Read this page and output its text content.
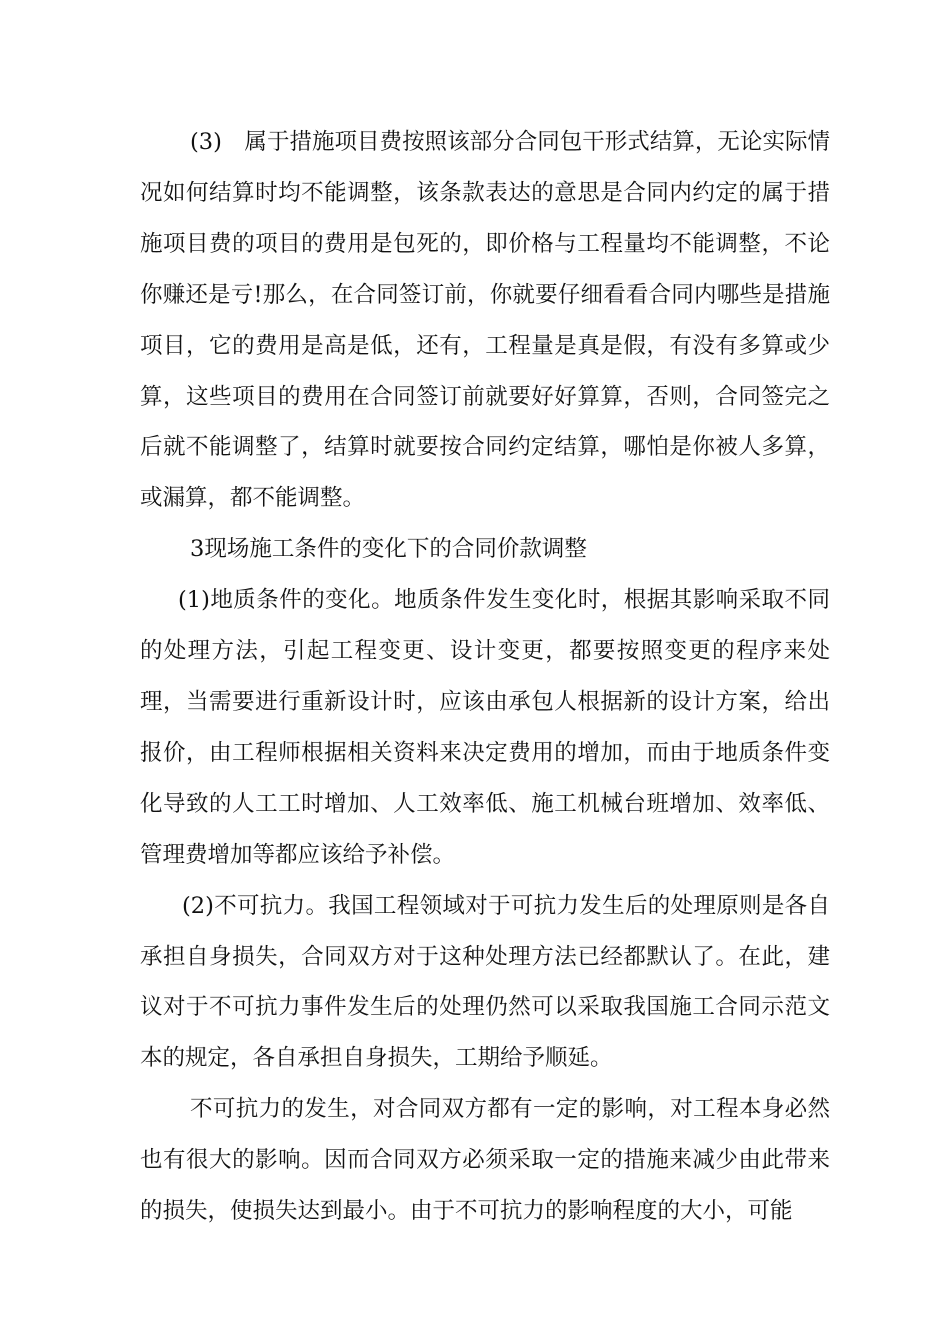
(3)　属于措施项目费按照该部分合同包干形式结算，无论实际情况如何结算时均不能调整，该条款表达的意思是合同内约定的属于措施项目费的项目的费用是包死的，即价格与工程量均不能调整，不论你赚还是亏!那么，在合同签订前，你就要仔细看看合同内哪些是措施项目，它的费用是高是低，还有，工程量是真是假，有没有多算或少算，这些项目的费用在合同签订前就要好好算算，否则，合同签完之后就不能调整了，结算时就要按合同约定结算，哪怕是你被人多算，或漏算，都不能调整。

3现场施工条件的变化下的合同价款调整

(1)地质条件的变化。地质条件发生变化时，根据其影响采取不同的处理方法，引起工程变更、设计变更，都要按照变更的程序来处理，当需要进行重新设计时，应该由承包人根据新的设计方案，给出报价，由工程师根据相关资料来决定费用的增加，而由于地质条件变化导致的人工工时增加、人工效率低、施工机械台班增加、效率低、管理费增加等都应该给予补偿。

(2)不可抗力。我国工程领域对于可抗力发生后的处理原则是各自承担自身损失，合同双方对于这种处理方法已经都默认了。在此，建议对于不可抗力事件发生后的处理仍然可以采取我国施工合同示范文本的规定，各自承担自身损失，工期给予顺延。

不可抗力的发生，对合同双方都有一定的影响，对工程本身必然也有很大的影响。因而合同双方必须采取一定的措施来减少由此带来的损失，使损失达到最小。由于不可抗力的影响程度的大小，可能
